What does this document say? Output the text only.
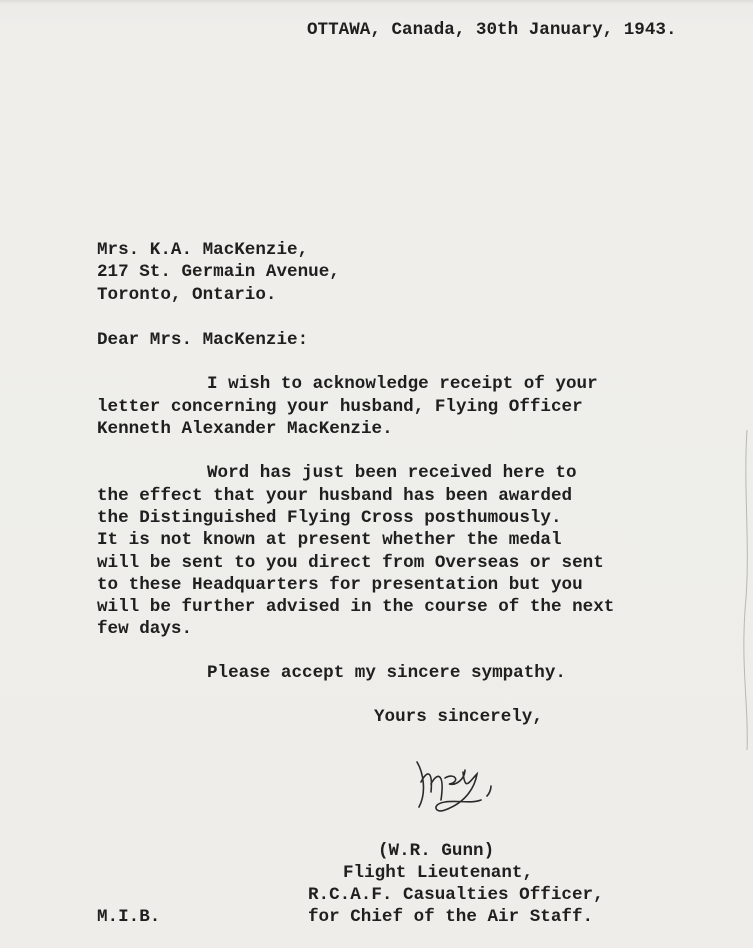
OTTAWA, Canada, 30th January, 1943.
Mrs. K.A. MacKenzie,
217 St. Germain Avenue,
Toronto, Ontario.
Dear Mrs. MacKenzie:
I wish to acknowledge receipt of your
letter concerning your husband, Flying Officer
Kenneth Alexander MacKenzie.
Word has just been received here to
the effect that your husband has been awarded
the Distinguished Flying Cross posthumously.
It is not known at present whether the medal
will be sent to you direct from Overseas or sent
to these Headquarters for presentation but you
will be further advised in the course of the next
few days.
Please accept my sincere sympathy.
Yours sincerely,
(W.R. Gunn)
Flight Lieutenant,
R.C.A.F. Casualties Officer,
for Chief of the Air Staff.
M.I.B.
